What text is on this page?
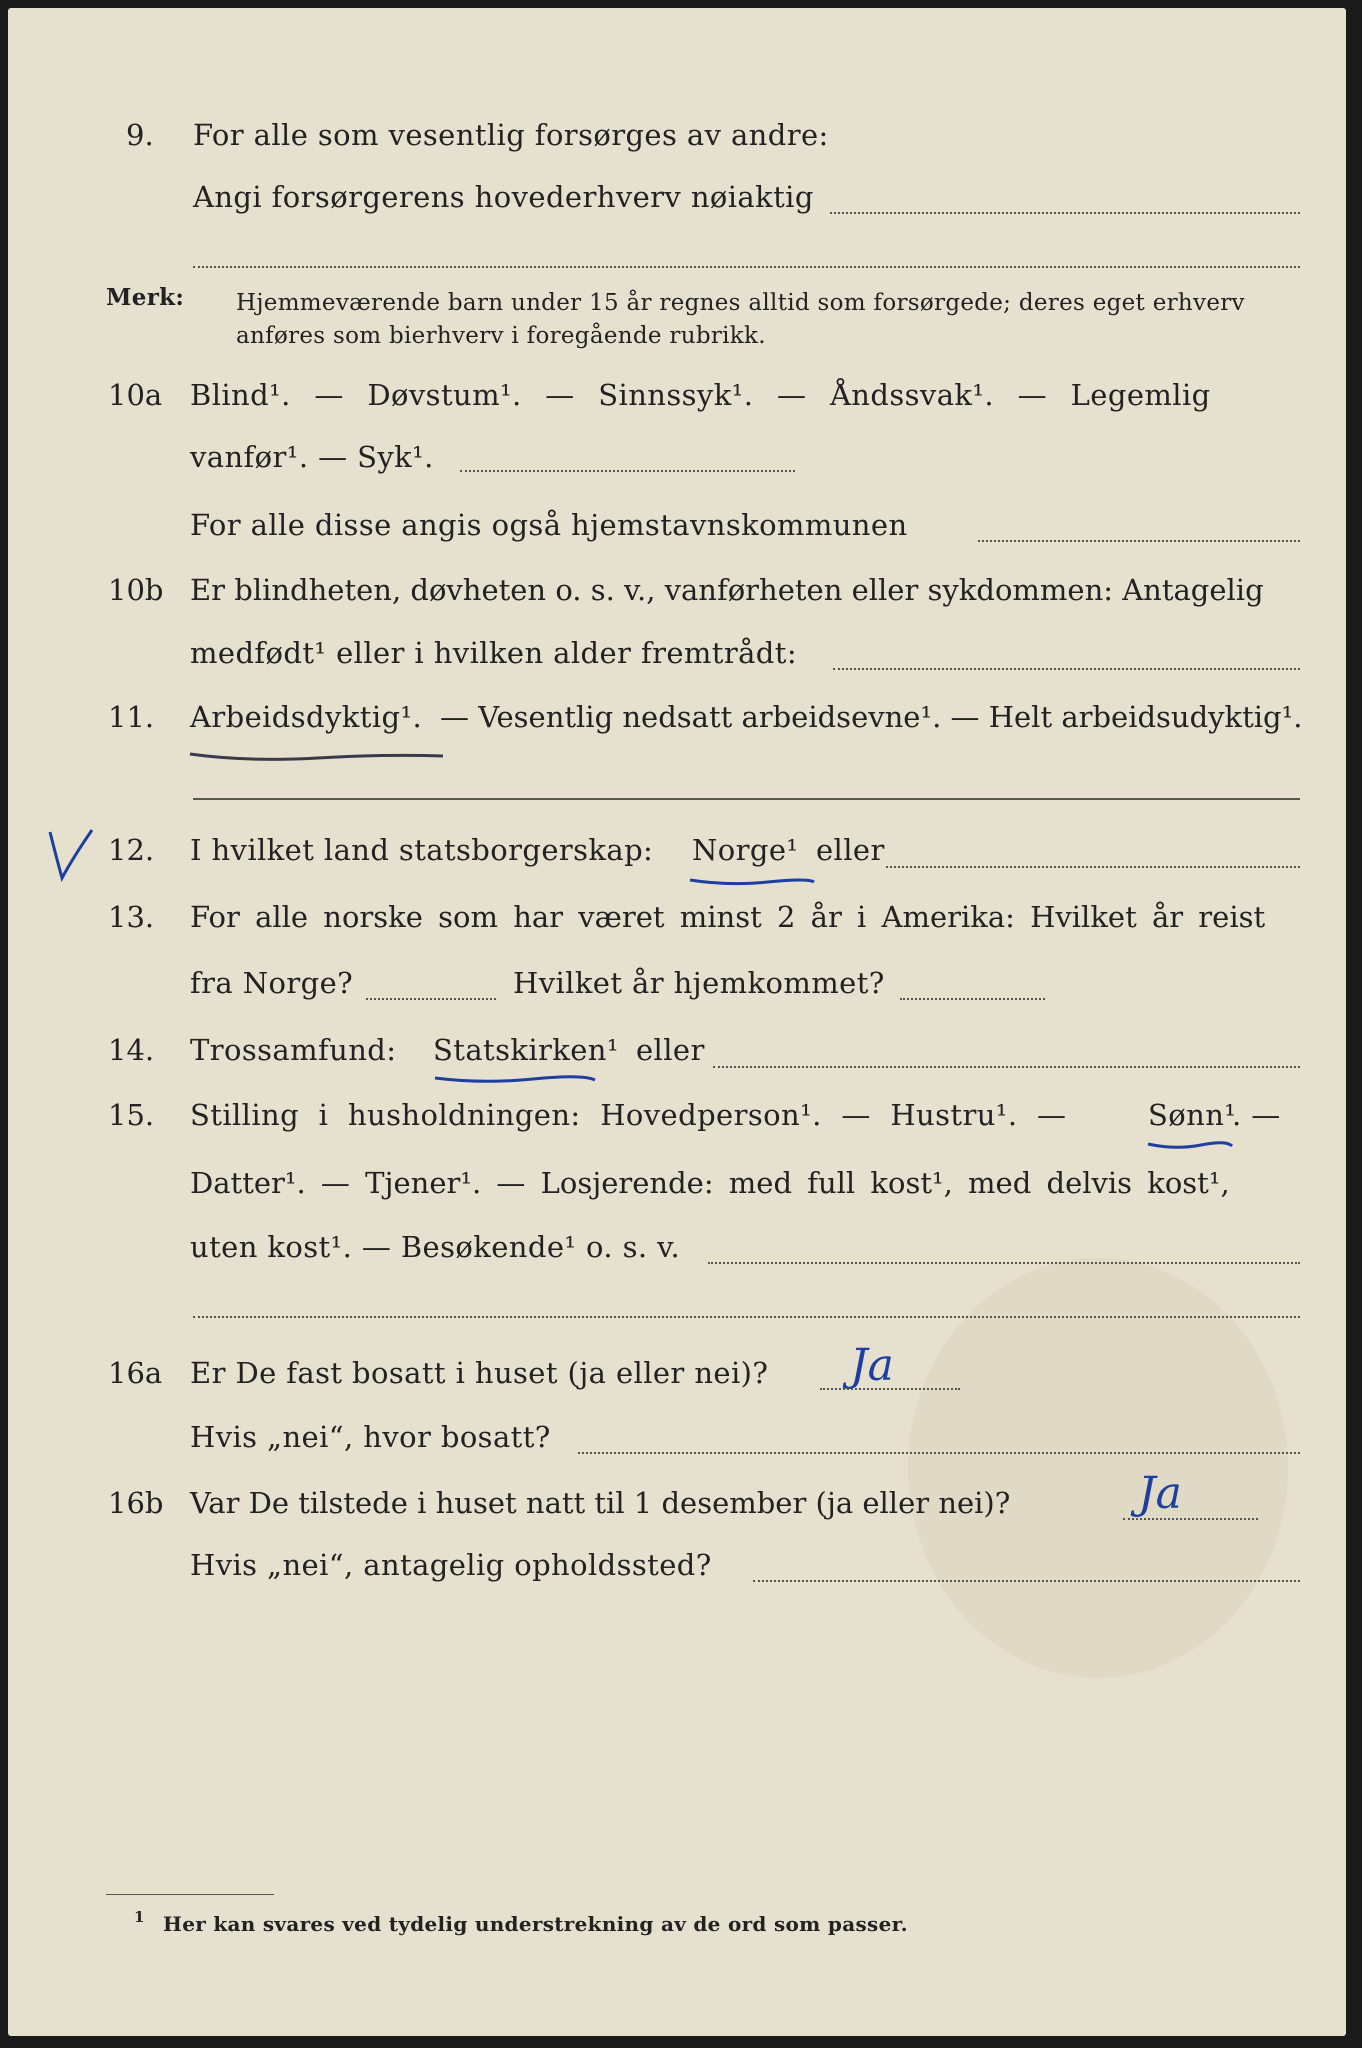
9. For alle som vesentlig forsørges av andre:
Angi forsørgerens hovederhverv nøiaktig
Merk: Hjemmeværende barn under 15 år regnes alltid som forsørgede; deres eget erhverv
anføres som bierhverv i foregående rubrikk.
10a Blind¹. — Døvstum¹. — Sinnssyk¹. — Åndssvak¹. — Legemlig
vanfør¹. — Syk¹.
For alle disse angis også hjemstavnskommunen
10b Er blindheten, døvheten o. s. v., vanførheten eller sykdommen: Antagelig
medfødt¹ eller i hvilken alder fremtrådt:
11. Arbeidsdyktig¹. — Vesentlig nedsatt arbeidsevne¹. — Helt arbeidsudyktig¹.
12. I hvilket land statsborgerskap: Norge¹ eller
13. For alle norske som har været minst 2 år i Amerika: Hvilket år reist
fra Norge?	Hvilket år hjemkommet?
14. Trossamfund: Statskirken¹ eller
15. Stilling i husholdningen: Hovedperson¹. — Hustru¹. —	Sønn¹
. —
Datter¹. — Tjener¹. — Losjerende: med full kost¹, med delvis kost¹,
uten kost¹. — Besøkende¹ o. s. v.
16a Er De fast bosatt i huset (ja eller nei)? Ja
Hvis „nei“, hvor bosatt?
16b Var De tilstede i huset natt til 1 desember (ja eller nei)?	Ja
Hvis „nei“, antagelig opholdssted?
1 Her kan svares ved tydelig understrekning av de ord som passer.
